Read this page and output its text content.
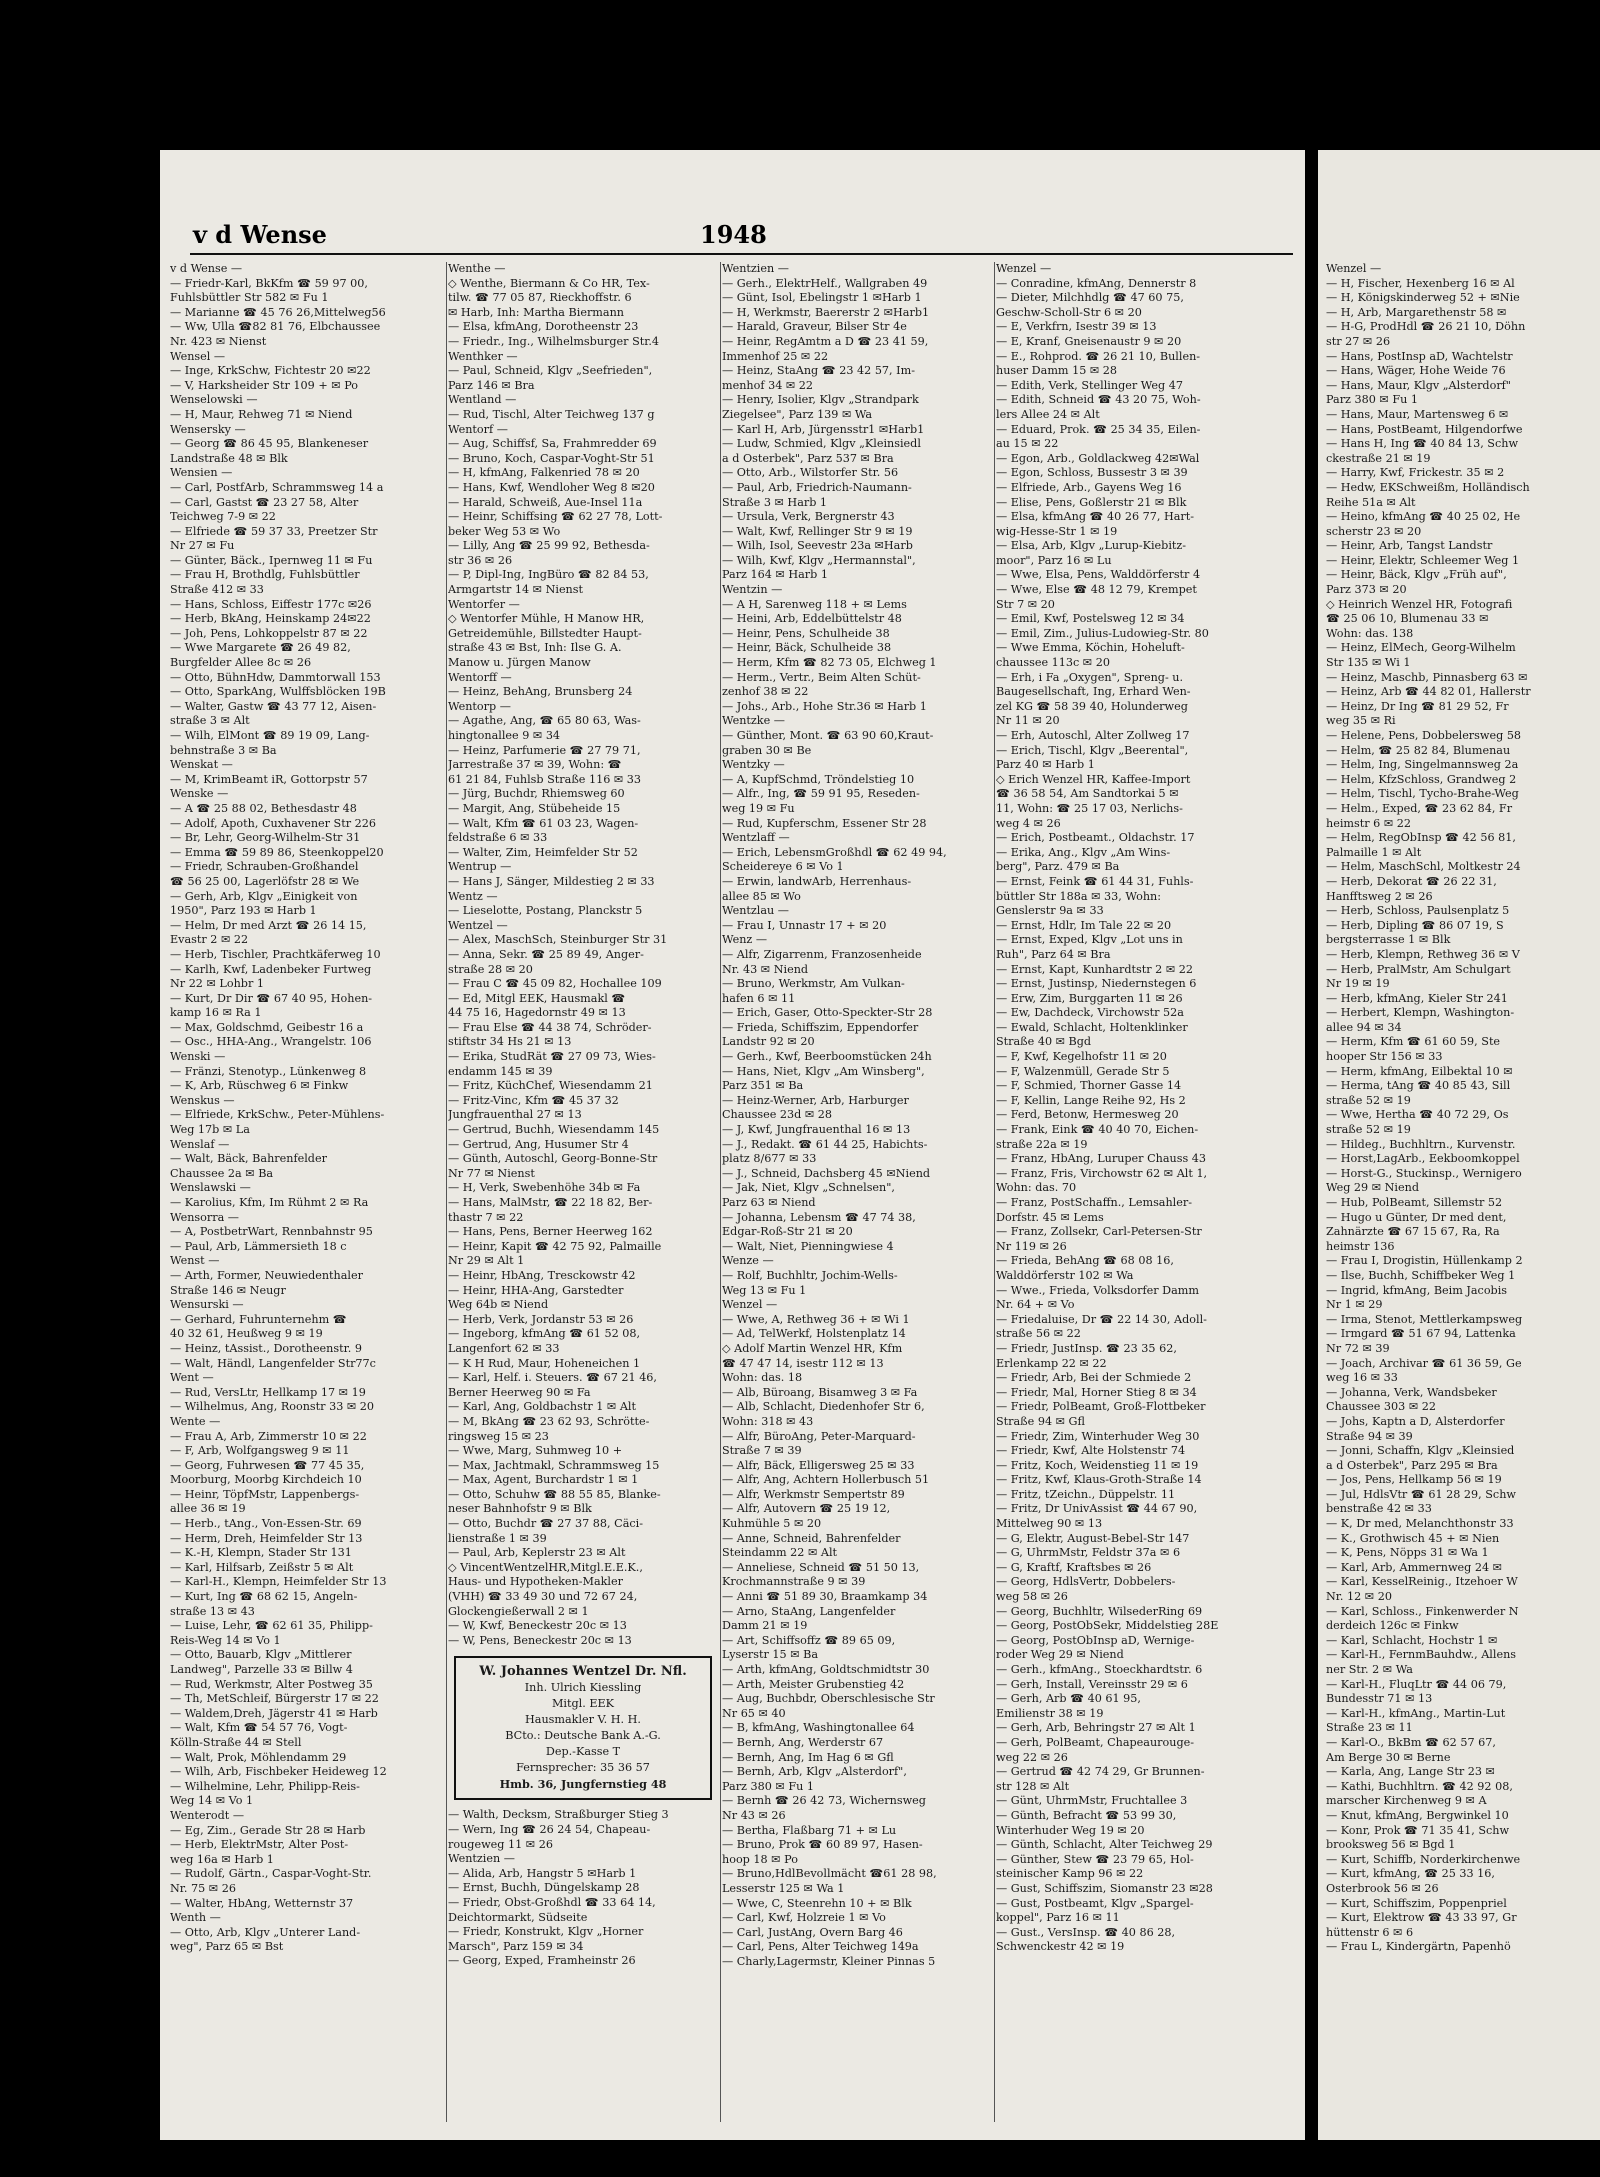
v d Wense	1948
v d Wense —
— Friedr-Karl, BkKfm ☎ 59 97 00,
Fuhlsbüttler Str 582 ✉ Fu 1
— Marianne ☎ 45 76 26,Mittelweg56
— Ww, Ulla ☎82 81 76, Elbchaussee
Nr. 423 ✉ Nienst
Wensel —
— Inge, KrkSchw, Fichtestr 20 ✉22
— V, Harksheider Str 109 + ✉ Po
Wenselowski —
— H, Maur, Rehweg 71 ✉ Niend
Wensersky —
— Georg ☎ 86 45 95, Blankeneser
Landstraße 48 ✉ Blk
Wensien —
— Carl, PostfArb, Schrammsweg 14 a
— Carl, Gastst ☎ 23 27 58, Alter
Teichweg 7-9 ✉ 22
— Elfriede ☎ 59 37 33, Preetzer Str
Nr 27 ✉ Fu
— Günter, Bäck., Ipernweg 11 ✉ Fu
— Frau H, Brothdlg, Fuhlsbüttler
Straße 412 ✉ 33
— Hans, Schloss, Eiffestr 177c ✉26
— Herb, BkAng, Heinskamp 24✉22
— Joh, Pens, Lohkoppelstr 87 ✉ 22
— Wwe Margarete ☎ 26 49 82,
Burgfelder Allee 8c ✉ 26
— Otto, BühnHdw, Dammtorwall 153
— Otto, SparkAng, Wulffsblöcken 19B
— Walter, Gastw ☎ 43 77 12, Aisen-
straße 3 ✉ Alt
— Wilh, ElMont ☎ 89 19 09, Lang-
behnstraße 3 ✉ Ba
Wenskat —
— M, KrimBeamt iR, Gottorpstr 57
Wenske —
— A ☎ 25 88 02, Bethesdastr 48
— Adolf, Apoth, Cuxhavener Str 226
— Br, Lehr, Georg-Wilhelm-Str 31
— Emma ☎ 59 89 86, Steenkoppel20
— Friedr, Schrauben-Großhandel
☎ 56 25 00, Lagerlöfstr 28 ✉ We
— Gerh, Arb, Klgv „Einigkeit von
1950", Parz 193 ✉ Harb 1
— Helm, Dr med Arzt ☎ 26 14 15,
Evastr 2 ✉ 22
— Herb, Tischler, Prachtkäferweg 10
— Karlh, Kwf, Ladenbeker Furtweg
Nr 22 ✉ Lohbr 1
— Kurt, Dr Dir ☎ 67 40 95, Hohen-
kamp 16 ✉ Ra 1
— Max, Goldschmd, Geibestr 16 a
— Osc., HHA-Ang., Wrangelstr. 106
Wenski —
— Fränzi, Stenotyp., Lünkenweg 8
— K, Arb, Rüschweg 6 ✉ Finkw
Wenskus —
— Elfriede, KrkSchw., Peter-Mühlens-
Weg 17b ✉ La
Wenslaf —
— Walt, Bäck, Bahrenfelder
Chaussee 2a ✉ Ba
Wenslawski —
— Karolius, Kfm, Im Rühmt 2 ✉ Ra
Wensorra —
— A, PostbetrWart, Rennbahnstr 95
— Paul, Arb, Lämmersieth 18 c
Wenst —
— Arth, Former, Neuwiedenthaler
Straße 146 ✉ Neugr
Wensurski —
— Gerhard, Fuhrunternehm ☎
40 32 61, Heußweg 9 ✉ 19
— Heinz, tAssist., Dorotheenstr. 9
— Walt, Händl, Langenfelder Str77c
Went —
— Rud, VersLtr, Hellkamp 17 ✉ 19
— Wilhelmus, Ang, Roonstr 33 ✉ 20
Wente —
— Frau A, Arb, Zimmerstr 10 ✉ 22
— F, Arb, Wolfgangsweg 9 ✉ 11
— Georg, Fuhrwesen ☎ 77 45 35,
Moorburg, Moorbg Kirchdeich 10
— Heinr, TöpfMstr, Lappenbergs-
allee 36 ✉ 19
— Herb., tAng., Von-Essen-Str. 69
— Herm, Dreh, Heimfelder Str 13
— K.-H, Klempn, Stader Str 131
— Karl, Hilfsarb, Zeißstr 5 ✉ Alt
— Karl-H., Klempn, Heimfelder Str 13
— Kurt, Ing ☎ 68 62 15, Angeln-
straße 13 ✉ 43
— Luise, Lehr, ☎ 62 61 35, Philipp-
Reis-Weg 14 ✉ Vo 1
— Otto, Bauarb, Klgv „Mittlerer
Landweg", Parzelle 33 ✉ Billw 4
— Rud, Werkmstr, Alter Postweg 35
— Th, MetSchleif, Bürgerstr 17 ✉ 22
— Waldem,Dreh, Jägerstr 41 ✉ Harb
— Walt, Kfm ☎ 54 57 76, Vogt-
Kölln-Straße 44 ✉ Stell
— Walt, Prok, Möhlendamm 29
— Wilh, Arb, Fischbeker Heideweg 12
— Wilhelmine, Lehr, Philipp-Reis-
Weg 14 ✉ Vo 1
Wenterodt —
— Eg, Zim., Gerade Str 28 ✉ Harb
— Herb, ElektrMstr, Alter Post-
weg 16a ✉ Harb 1
— Rudolf, Gärtn., Caspar-Voght-Str.
Nr. 75 ✉ 26
— Walter, HbAng, Wetternstr 37
Wenth —
— Otto, Arb, Klgv „Unterer Land-
weg", Parz 65 ✉ Bst
Wenthe —
◇ Wenthe, Biermann & Co HR, Tex-
tilw. ☎ 77 05 87, Rieckhoffstr. 6
✉ Harb, Inh: Martha Biermann
— Elsa, kfmAng, Dorotheenstr 23
— Friedr., Ing., Wilhelmsburger Str.4
Wenthker —
— Paul, Schneid, Klgv „Seefrieden",
Parz 146 ✉ Bra
Wentland —
— Rud, Tischl, Alter Teichweg 137 g
Wentorf —
— Aug, Schiffsf, Sa, Frahmredder 69
— Bruno, Koch, Caspar-Voght-Str 51
— H, kfmAng, Falkenried 78 ✉ 20
— Hans, Kwf, Wendloher Weg 8 ✉20
— Harald, Schweiß, Aue-Insel 11a
— Heinr, Schiffsing ☎ 62 27 78, Lott-
beker Weg 53 ✉ Wo
— Lilly, Ang ☎ 25 99 92, Bethesda-
str 36 ✉ 26
— P, Dipl-Ing, IngBüro ☎ 82 84 53,
Armgartstr 14 ✉ Nienst
Wentorfer —
◇ Wentorfer Mühle, H Manow HR,
Getreidemühle, Billstedter Haupt-
straße 43 ✉ Bst, Inh: Ilse G. A.
Manow u. Jürgen Manow
Wentorff —
— Heinz, BehAng, Brunsberg 24
Wentorp —
— Agathe, Ang, ☎ 65 80 63, Was-
hingtonallee 9 ✉ 34
— Heinz, Parfumerie ☎ 27 79 71,
Jarrestraße 37 ✉ 39, Wohn: ☎
61 21 84, Fuhlsb Straße 116 ✉ 33
— Jürg, Buchdr, Rhiemsweg 60
— Margit, Ang, Stübeheide 15
— Walt, Kfm ☎ 61 03 23, Wagen-
feldstraße 6 ✉ 33
— Walter, Zim, Heimfelder Str 52
Wentrup —
— Hans J, Sänger, Mildestieg 2 ✉ 33
Wentz —
— Lieselotte, Postang, Planckstr 5
Wentzel —
— Alex, MaschSch, Steinburger Str 31
— Anna, Sekr. ☎ 25 89 49, Anger-
straße 28 ✉ 20
— Frau C ☎ 45 09 82, Hochallee 109
— Ed, Mitgl EEK, Hausmakl ☎
44 75 16, Hagedornstr 49 ✉ 13
— Frau Else ☎ 44 38 74, Schröder-
stiftstr 34 Hs 21 ✉ 13
— Erika, StudRät ☎ 27 09 73, Wies-
endamm 145 ✉ 39
— Fritz, KüchChef, Wiesendamm 21
— Fritz-Vinc, Kfm ☎ 45 37 32
Jungfrauenthal 27 ✉ 13
— Gertrud, Buchh, Wiesendamm 145
— Gertrud, Ang, Husumer Str 4
— Günth, Autoschl, Georg-Bonne-Str
Nr 77 ✉ Nienst
— H, Verk, Swebenhöhe 34b ✉ Fa
— Hans, MalMstr, ☎ 22 18 82, Ber-
thastr 7 ✉ 22
— Hans, Pens, Berner Heerweg 162
— Heinr, Kapit ☎ 42 75 92, Palmaille
Nr 29 ✉ Alt 1
— Heinr, HbAng, Tresckowstr 42
— Heinr, HHA-Ang, Garstedter
Weg 64b ✉ Niend
— Herb, Verk, Jordanstr 53 ✉ 26
— Ingeborg, kfmAng ☎ 61 52 08,
Langenfort 62 ✉ 33
— K H Rud, Maur, Hoheneichen 1
— Karl, Helf. i. Steuers. ☎ 67 21 46,
Berner Heerweg 90 ✉ Fa
— Karl, Ang, Goldbachstr 1 ✉ Alt
— M, BkAng ☎ 23 62 93, Schrötte-
ringsweg 15 ✉ 23
— Wwe, Marg, Suhmweg 10 +
— Max, Jachtmakl, Schrammsweg 15
— Max, Agent, Burchardstr 1 ✉ 1
— Otto, Schuhw ☎ 88 55 85, Blanke-
neser Bahnhofstr 9 ✉ Blk
— Otto, Buchdr ☎ 27 37 88, Cäci-
lienstraße 1 ✉ 39
— Paul, Arb, Keplerstr 23 ✉ Alt
◇ VincentWentzelHR,Mitgl.E.E.K.,
Haus- und Hypotheken-Makler
(VHH) ☎ 33 49 30 und 72 67 24,
Glockengießerwall 2 ✉ 1
— W, Kwf, Beneckestr 20c ✉ 13
— W, Pens, Beneckestr 20c ✉ 13
W. Johannes Wentzel Dr. Nfl.
Inh. Ulrich Kiessling
Mitgl. EEK
Hausmakler V. H. H.
BCto.: Deutsche Bank A.-G.
Dep.-Kasse T
Fernsprecher: 35 36 57
Hmb. 36, Jungfernstieg 48
— Walth, Decksm, Straßburger Stieg 3
— Wern, Ing ☎ 26 24 54, Chapeau-
rougeweg 11 ✉ 26
Wentzien —
— Alida, Arb, Hangstr 5 ✉Harb 1
— Ernst, Buchh, Düngelskamp 28
— Friedr, Obst-Großhdl ☎ 33 64 14,
Deichtormarkt, Südseite
— Friedr, Konstrukt, Klgv „Horner
Marsch", Parz 159 ✉ 34
— Georg, Exped, Framheinstr 26
Wentzien —
— Gerh., ElektrHelf., Wallgraben 49
— Günt, Isol, Ebelingstr 1 ✉Harb 1
— H, Werkmstr, Baererstr 2 ✉Harb1
— Harald, Graveur, Bilser Str 4e
— Heinr, RegAmtm a D ☎ 23 41 59,
Immenhof 25 ✉ 22
— Heinz, StaAng ☎ 23 42 57, Im-
menhof 34 ✉ 22
— Henry, Isolier, Klgv „Strandpark
Ziegelsee", Parz 139 ✉ Wa
— Karl H, Arb, Jürgensstr1 ✉Harb1
— Ludw, Schmied, Klgv „Kleinsiedl
a d Osterbek", Parz 537 ✉ Bra
— Otto, Arb., Wilstorfer Str. 56
— Paul, Arb, Friedrich-Naumann-
Straße 3 ✉ Harb 1
— Ursula, Verk, Bergnerstr 43
— Walt, Kwf, Rellinger Str 9 ✉ 19
— Wilh, Isol, Seevestr 23a ✉Harb
— Wilh, Kwf, Klgv „Hermannstal",
Parz 164 ✉ Harb 1
Wentzin —
— A H, Sarenweg 118 + ✉ Lems
— Heini, Arb, Eddelbüttelstr 48
— Heinr, Pens, Schulheide 38
— Heinr, Bäck, Schulheide 38
— Herm, Kfm ☎ 82 73 05, Elchweg 1
— Herm., Vertr., Beim Alten Schüt-
zenhof 38 ✉ 22
— Johs., Arb., Hohe Str.36 ✉ Harb 1
Wentzke —
— Günther, Mont. ☎ 63 90 60,Kraut-
graben 30 ✉ Be
Wentzky —
— A, KupfSchmd, Tröndelstieg 10
— Alfr., Ing, ☎ 59 91 95, Reseden-
weg 19 ✉ Fu
— Rud, Kupferschm, Essener Str 28
Wentzlaff —
— Erich, LebensmGroßhdl ☎ 62 49 94,
Scheidereye 6 ✉ Vo 1
— Erwin, landwArb, Herrenhaus-
allee 85 ✉ Wo
Wentzlau —
— Frau I, Unnastr 17 + ✉ 20
Wenz —
— Alfr, Zigarrenm, Franzosenheide
Nr. 43 ✉ Niend
— Bruno, Werkmstr, Am Vulkan-
hafen 6 ✉ 11
— Erich, Gaser, Otto-Speckter-Str 28
— Frieda, Schiffszim, Eppendorfer
Landstr 92 ✉ 20
— Gerh., Kwf, Beerboomstücken 24h
— Hans, Niet, Klgv „Am Winsberg",
Parz 351 ✉ Ba
— Heinz-Werner, Arb, Harburger
Chaussee 23d ✉ 28
— J, Kwf, Jungfrauenthal 16 ✉ 13
— J., Redakt. ☎ 61 44 25, Habichts-
platz 8/677 ✉ 33
— J., Schneid, Dachsberg 45 ✉Niend
— Jak, Niet, Klgv „Schnelsen",
Parz 63 ✉ Niend
— Johanna, Lebensm ☎ 47 74 38,
Edgar-Roß-Str 21 ✉ 20
— Walt, Niet, Pienningwiese 4
Wenze —
— Rolf, Buchhltr, Jochim-Wells-
Weg 13 ✉ Fu 1
Wenzel —
— Wwe, A, Rethweg 36 + ✉ Wi 1
— Ad, TelWerkf, Holstenplatz 14
◇ Adolf Martin Wenzel HR, Kfm
☎ 47 47 14, isestr 112 ✉ 13
Wohn: das. 18
— Alb, Büroang, Bisamweg 3 ✉ Fa
— Alb, Schlacht, Diedenhofer Str 6,
Wohn: 318 ✉ 43
— Alfr, BüroAng, Peter-Marquard-
Straße 7 ✉ 39
— Alfr, Bäck, Elligersweg 25 ✉ 33
— Alfr, Ang, Achtern Hollerbusch 51
— Alfr, Werkmstr Sempertstr 89
— Alfr, Autovern ☎ 25 19 12,
Kuhmühle 5 ✉ 20
— Anne, Schneid, Bahrenfelder
Steindamm 22 ✉ Alt
— Anneliese, Schneid ☎ 51 50 13,
Krochmannstraße 9 ✉ 39
— Anni ☎ 51 89 30, Braamkamp 34
— Arno, StaAng, Langenfelder
Damm 21 ✉ 19
— Art, Schiffsoffz ☎ 89 65 09,
Lyserstr 15 ✉ Ba
— Arth, kfmAng, Goldtschmidtstr 30
— Arth, Meister Grubenstieg 42
— Aug, Buchbdr, Oberschlesische Str
Nr 65 ✉ 40
— B, kfmAng, Washingtonallee 64
— Bernh, Ang, Werderstr 67
— Bernh, Ang, Im Hag 6 ✉ Gfl
— Bernh, Arb, Klgv „Alsterdorf",
Parz 380 ✉ Fu 1
— Bernh ☎ 26 42 73, Wichernsweg
Nr 43 ✉ 26
— Bertha, Flaßbarg 71 + ✉ Lu
— Bruno, Prok ☎ 60 89 97, Hasen-
hoop 18 ✉ Po
— Bruno,HdlBevollmächt ☎61 28 98,
Lesserstr 125 ✉ Wa 1
— Wwe, C, Steenrehn 10 + ✉ Blk
— Carl, Kwf, Holzreie 1 ✉ Vo
— Carl, JustAng, Overn Barg 46
— Carl, Pens, Alter Teichweg 149a
— Charly,Lagermstr, Kleiner Pinnas 5
Wenzel —
— Conradine, kfmAng, Dennerstr 8
— Dieter, Milchhdlg ☎ 47 60 75,
Geschw-Scholl-Str 6 ✉ 20
— E, Verkfrn, Isestr 39 ✉ 13
— E, Kranf, Gneisenaustr 9 ✉ 20
— E., Rohprod. ☎ 26 21 10, Bullen-
huser Damm 15 ✉ 28
— Edith, Verk, Stellinger Weg 47
— Edith, Schneid ☎ 43 20 75, Woh-
lers Allee 24 ✉ Alt
— Eduard, Prok. ☎ 25 34 35, Eilen-
au 15 ✉ 22
— Egon, Arb., Goldlackweg 42✉Wal
— Egon, Schloss, Bussestr 3 ✉ 39
— Elfriede, Arb., Gayens Weg 16
— Elise, Pens, Goßlerstr 21 ✉ Blk
— Elsa, kfmAng ☎ 40 26 77, Hart-
wig-Hesse-Str 1 ✉ 19
— Elsa, Arb, Klgv „Lurup-Kiebitz-
moor", Parz 16 ✉ Lu
— Wwe, Elsa, Pens, Walddörferstr 4
— Wwe, Else ☎ 48 12 79, Krempet
Str 7 ✉ 20
— Emil, Kwf, Postelsweg 12 ✉ 34
— Emil, Zim., Julius-Ludowieg-Str. 80
— Wwe Emma, Köchin, Hoheluft-
chaussee 113c ✉ 20
— Erh, i Fa „Oxygen", Spreng- u.
Baugesellschaft, Ing, Erhard Wen-
zel KG ☎ 58 39 40, Holunderweg
Nr 11 ✉ 20
— Erh, Autoschl, Alter Zollweg 17
— Erich, Tischl, Klgv „Beerental",
Parz 40 ✉ Harb 1
◇ Erich Wenzel HR, Kaffee-Import
☎ 36 58 54, Am Sandtorkai 5 ✉
11, Wohn: ☎ 25 17 03, Nerlichs-
weg 4 ✉ 26
— Erich, Postbeamt., Oldachstr. 17
— Erika, Ang., Klgv „Am Wins-
berg", Parz. 479 ✉ Ba
— Ernst, Feink ☎ 61 44 31, Fuhls-
büttler Str 188a ✉ 33, Wohn:
Genslerstr 9a ✉ 33
— Ernst, Hdlr, Im Tale 22 ✉ 20
— Ernst, Exped, Klgv „Lot uns in
Ruh", Parz 64 ✉ Bra
— Ernst, Kapt, Kunhardtstr 2 ✉ 22
— Ernst, Justinsp, Niedernstegen 6
— Erw, Zim, Burggarten 11 ✉ 26
— Ew, Dachdeck, Virchowstr 52a
— Ewald, Schlacht, Holtenklinker
Straße 40 ✉ Bgd
— F, Kwf, Kegelhofstr 11 ✉ 20
— F, Walzenmüll, Gerade Str 5
— F, Schmied, Thorner Gasse 14
— F, Kellin, Lange Reihe 92, Hs 2
— Ferd, Betonw, Hermesweg 20
— Frank, Eink ☎ 40 40 70, Eichen-
straße 22a ✉ 19
— Franz, HbAng, Luruper Chauss 43
— Franz, Fris, Virchowstr 62 ✉ Alt 1,
Wohn: das. 70
— Franz, PostSchaffn., Lemsahler-
Dorfstr. 45 ✉ Lems
— Franz, Zollsekr, Carl-Petersen-Str
Nr 119 ✉ 26
— Frieda, BehAng ☎ 68 08 16,
Walddörferstr 102 ✉ Wa
— Wwe., Frieda, Volksdorfer Damm
Nr. 64 + ✉ Vo
— Friedaluise, Dr ☎ 22 14 30, Adoll-
straße 56 ✉ 22
— Friedr, JustInsp. ☎ 23 35 62,
Erlenkamp 22 ✉ 22
— Friedr, Arb, Bei der Schmiede 2
— Friedr, Mal, Horner Stieg 8 ✉ 34
— Friedr, PolBeamt, Groß-Flottbeker
Straße 94 ✉ Gfl
— Friedr, Zim, Winterhuder Weg 30
— Friedr, Kwf, Alte Holstenstr 74
— Fritz, Koch, Weidenstieg 11 ✉ 19
— Fritz, Kwf, Klaus-Groth-Straße 14
— Fritz, tZeichn., Düppelstr. 11
— Fritz, Dr UnivAssist ☎ 44 67 90,
Mittelweg 90 ✉ 13
— G, Elektr, August-Bebel-Str 147
— G, UhrmMstr, Feldstr 37a ✉ 6
— G, Kraftf, Kraftsbes ✉ 26
— Georg, HdlsVertr, Dobbelers-
weg 58 ✉ 26
— Georg, Buchhltr, WilsederRing 69
— Georg, PostObSekr, Middelstieg 28E
— Georg, PostObInsp aD, Wernige-
roder Weg 29 ✉ Niend
— Gerh., kfmAng., Stoeckhardtstr. 6
— Gerh, Install, Vereinsstr 29 ✉ 6
— Gerh, Arb ☎ 40 61 95,
Emilienstr 38 ✉ 19
— Gerh, Arb, Behringstr 27 ✉ Alt 1
— Gerh, PolBeamt, Chapeaurouge-
weg 22 ✉ 26
— Gertrud ☎ 42 74 29, Gr Brunnen-
str 128 ✉ Alt
— Günt, UhrmMstr, Fruchtallee 3
— Günth, Befracht ☎ 53 99 30,
Winterhuder Weg 19 ✉ 20
— Günth, Schlacht, Alter Teichweg 29
— Günther, Stew ☎ 23 79 65, Hol-
steinischer Kamp 96 ✉ 22
— Gust, Schiffszim, Siomanstr 23 ✉28
— Gust, Postbeamt, Klgv „Spargel-
koppel", Parz 16 ✉ 11
— Gust., VersInsp. ☎ 40 86 28,
Schwenckestr 42 ✉ 19
Wenzel —
— H, Fischer, Hexenberg 16 ✉ Al
— H, Königskinderweg 52 + ✉Nie
— H, Arb, Margarethenstr 58 ✉
— H-G, ProdHdl ☎ 26 21 10, Döhn
str 27 ✉ 26
— Hans, PostInsp aD, Wachtelstr
— Hans, Wäger, Hohe Weide 76
— Hans, Maur, Klgv „Alsterdorf"
Parz 380 ✉ Fu 1
— Hans, Maur, Martensweg 6 ✉
— Hans, PostBeamt, Hilgendorfwe
— Hans H, Ing ☎ 40 84 13, Schw
ckestraße 21 ✉ 19
— Harry, Kwf, Frickestr. 35 ✉ 2
— Hedw, EKSchweißm, Holländisch
Reihe 51a ✉ Alt
— Heino, kfmAng ☎ 40 25 02, He
scherstr 23 ✉ 20
— Heinr, Arb, Tangst Landstr
— Heinr, Elektr, Schleemer Weg 1
— Heinr, Bäck, Klgv „Früh auf",
Parz 373 ✉ 20
◇ Heinrich Wenzel HR, Fotografi
☎ 25 06 10, Blumenau 33 ✉
Wohn: das. 138
— Heinz, ElMech, Georg-Wilhelm
Str 135 ✉ Wi 1
— Heinz, Maschb, Pinnasberg 63 ✉
— Heinz, Arb ☎ 44 82 01, Hallerstr
— Heinz, Dr Ing ☎ 81 29 52, Fr
weg 35 ✉ Ri
— Helene, Pens, Dobbelersweg 58
— Helm, ☎ 25 82 84, Blumenau
— Helm, Ing, Singelmannsweg 2a
— Helm, KfzSchloss, Grandweg 2
— Helm, Tischl, Tycho-Brahe-Weg
— Helm., Exped, ☎ 23 62 84, Fr
heimstr 6 ✉ 22
— Helm, RegObInsp ☎ 42 56 81,
Palmaille 1 ✉ Alt
— Helm, MaschSchl, Moltkestr 24
— Herb, Dekorat ☎ 26 22 31,
Hanfftsweg 2 ✉ 26
— Herb, Schloss, Paulsenplatz 5
— Herb, Dipling ☎ 86 07 19, S
bergsterrasse 1 ✉ Blk
— Herb, Klempn, Rethweg 36 ✉ V
— Herb, PralMstr, Am Schulgart
Nr 19 ✉ 19
— Herb, kfmAng, Kieler Str 241
— Herbert, Klempn, Washington-
allee 94 ✉ 34
— Herm, Kfm ☎ 61 60 59, Ste
hooper Str 156 ✉ 33
— Herm, kfmAng, Eilbektal 10 ✉
— Herma, tAng ☎ 40 85 43, Sill
straße 52 ✉ 19
— Wwe, Hertha ☎ 40 72 29, Os
straße 52 ✉ 19
— Hildeg., Buchhltrn., Kurvenstr.
— Horst,LagArb., Eekboomkoppel
— Horst-G., Stuckinsp., Wernigero
Weg 29 ✉ Niend
— Hub, PolBeamt, Sillemstr 52
— Hugo u Günter, Dr med dent,
Zahnärzte ☎ 67 15 67, Ra, Ra
heimstr 136
— Frau I, Drogistin, Hüllenkamp 2
— Ilse, Buchh, Schiffbeker Weg 1
— Ingrid, kfmAng, Beim Jacobis
Nr 1 ✉ 29
— Irma, Stenot, Mettlerkampsweg
— Irmgard ☎ 51 67 94, Lattenka
Nr 72 ✉ 39
— Joach, Archivar ☎ 61 36 59, Ge
weg 16 ✉ 33
— Johanna, Verk, Wandsbeker
Chaussee 303 ✉ 22
— Johs, Kaptn a D, Alsterdorfer
Straße 94 ✉ 39
— Jonni, Schaffn, Klgv „Kleinsied
a d Osterbek", Parz 295 ✉ Bra
— Jos, Pens, Hellkamp 56 ✉ 19
— Jul, HdlsVtr ☎ 61 28 29, Schw
benstraße 42 ✉ 33
— K, Dr med, Melanchthonstr 33
— K., Grothwisch 45 + ✉ Nien
— K, Pens, Nöpps 31 ✉ Wa 1
— Karl, Arb, Ammernweg 24 ✉
— Karl, KesselReinig., Itzehoer W
Nr. 12 ✉ 20
— Karl, Schloss., Finkenwerder N
derdeich 126c ✉ Finkw
— Karl, Schlacht, Hochstr 1 ✉
— Karl-H., FernmBauhdw., Allens
ner Str. 2 ✉ Wa
— Karl-H., FluqLtr ☎ 44 06 79,
Bundesstr 71 ✉ 13
— Karl-H., kfmAng., Martin-Lut
Straße 23 ✉ 11
— Karl-O., BkBm ☎ 62 57 67,
Am Berge 30 ✉ Berne
— Karla, Ang, Lange Str 23 ✉
— Kathi, Buchhltrn. ☎ 42 92 08,
marscher Kirchenweg 9 ✉ A
— Knut, kfmAng, Bergwinkel 10
— Konr, Prok ☎ 71 35 41, Schw
brooksweg 56 ✉ Bgd 1
— Kurt, Schiffb, Norderkirchenwe
— Kurt, kfmAng, ☎ 25 33 16,
Osterbrook 56 ✉ 26
— Kurt, Schiffszim, Poppenpriel
— Kurt, Elektrow ☎ 43 33 97, Gr
hüttenstr 6 ✉ 6
— Frau L, Kindergärtn, Papenhö
